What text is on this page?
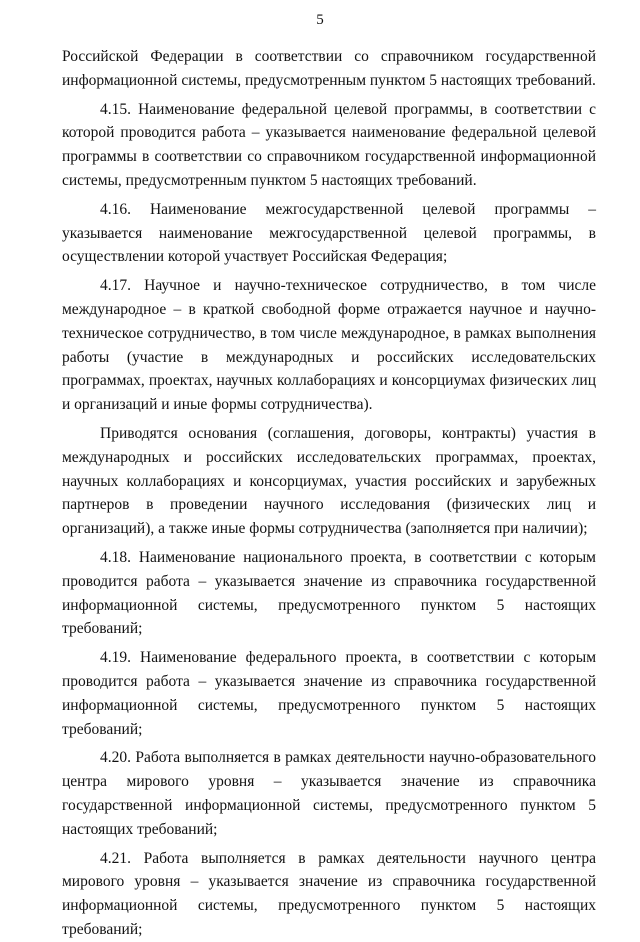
5

Российской Федерации в соответствии со справочником государственной информационной системы, предусмотренным пунктом 5 настоящих требований.

4.15. Наименование федеральной целевой программы, в соответствии с которой проводится работа – указывается наименование федеральной целевой программы в соответствии со справочником государственной информационной системы, предусмотренным пунктом 5 настоящих требований.

4.16. Наименование межгосударственной целевой программы – указывается наименование межгосударственной целевой программы, в осуществлении которой участвует Российская Федерация;

4.17. Научное и научно-техническое сотрудничество, в том числе международное – в краткой свободной форме отражается научное и научно-техническое сотрудничество, в том числе международное, в рамках выполнения работы (участие в международных и российских исследовательских программах, проектах, научных коллаборациях и консорциумах физических лиц и организаций и иные формы сотрудничества).

Приводятся основания (соглашения, договоры, контракты) участия в международных и российских исследовательских программах, проектах, научных коллаборациях и консорциумах, участия российских и зарубежных партнеров в проведении научного исследования (физических лиц и организаций), а также иные формы сотрудничества (заполняется при наличии);

4.18. Наименование национального проекта, в соответствии с которым проводится работа – указывается значение из справочника государственной информационной системы, предусмотренного пунктом 5 настоящих требований;

4.19. Наименование федерального проекта, в соответствии с которым проводится работа – указывается значение из справочника государственной информационной системы, предусмотренного пунктом 5 настоящих требований;

4.20. Работа выполняется в рамках деятельности научно-образовательного центра мирового уровня – указывается значение из справочника государственной информационной системы, предусмотренного пунктом 5 настоящих требований;

4.21. Работа выполняется в рамках деятельности научного центра мирового уровня – указывается значение из справочника государственной информационной системы, предусмотренного пунктом 5 настоящих требований;
